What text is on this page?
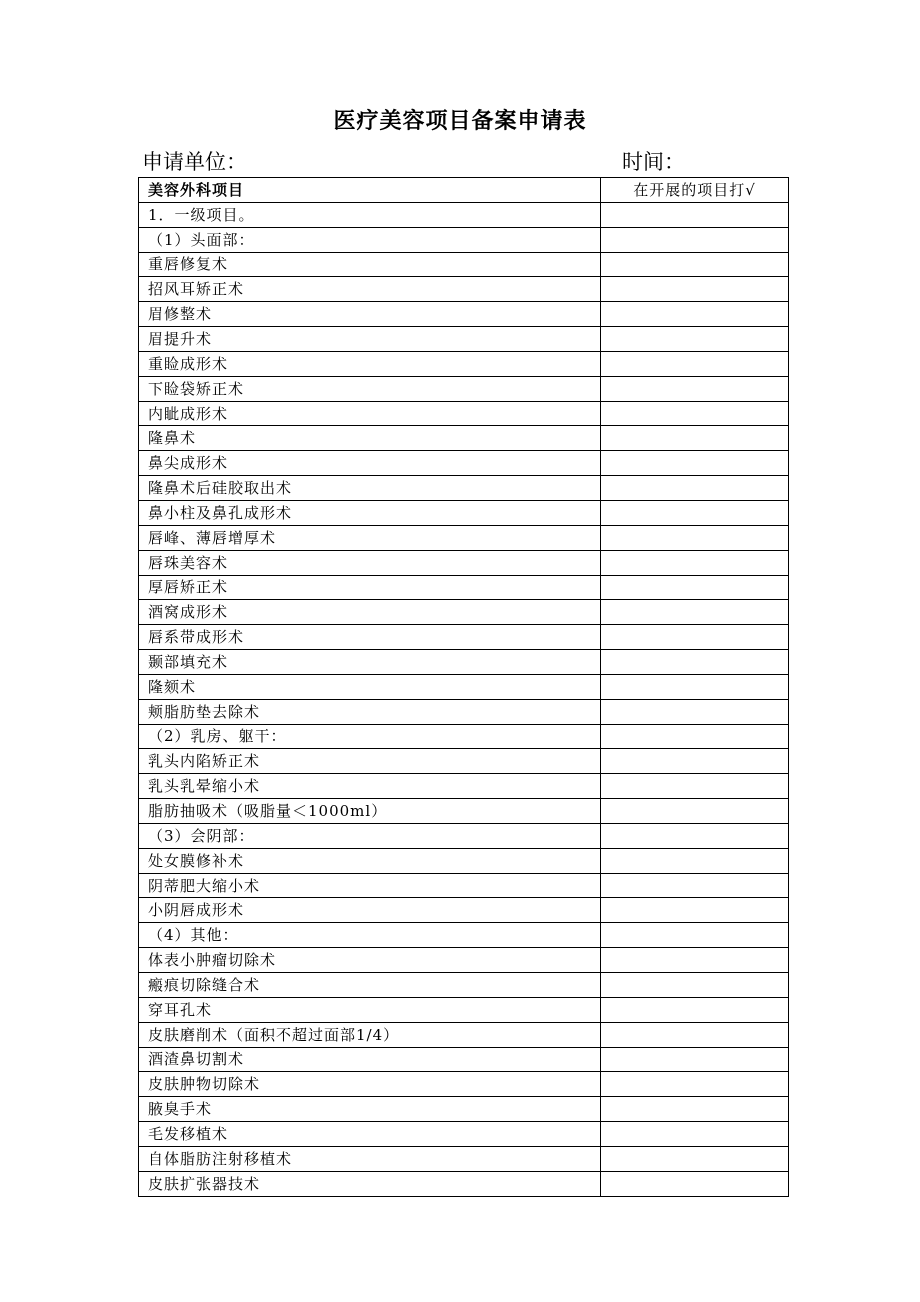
医疗美容项目备案申请表
申请单位：	时间：
美容外科项目	在开展的项目打√
1．一级项目。	
（1）头面部：	
重唇修复术	
招风耳矫正术	
眉修整术	
眉提升术	
重睑成形术	
下睑袋矫正术	
内眦成形术	
隆鼻术	
鼻尖成形术	
隆鼻术后硅胶取出术	
鼻小柱及鼻孔成形术	
唇峰、薄唇增厚术	
唇珠美容术	
厚唇矫正术	
酒窝成形术	
唇系带成形术	
颞部填充术	
隆颏术	
颊脂肪垫去除术	
（2）乳房、躯干：	
乳头内陷矫正术	
乳头乳晕缩小术	
脂肪抽吸术（吸脂量＜1000ml）	
（3）会阴部：	
处女膜修补术	
阴蒂肥大缩小术	
小阴唇成形术	
（4）其他：	
体表小肿瘤切除术	
瘢痕切除缝合术	
穿耳孔术	
皮肤磨削术（面积不超过面部1/4）	
酒渣鼻切割术	
皮肤肿物切除术	
腋臭手术	
毛发移植术	
自体脂肪注射移植术	
皮肤扩张器技术	
